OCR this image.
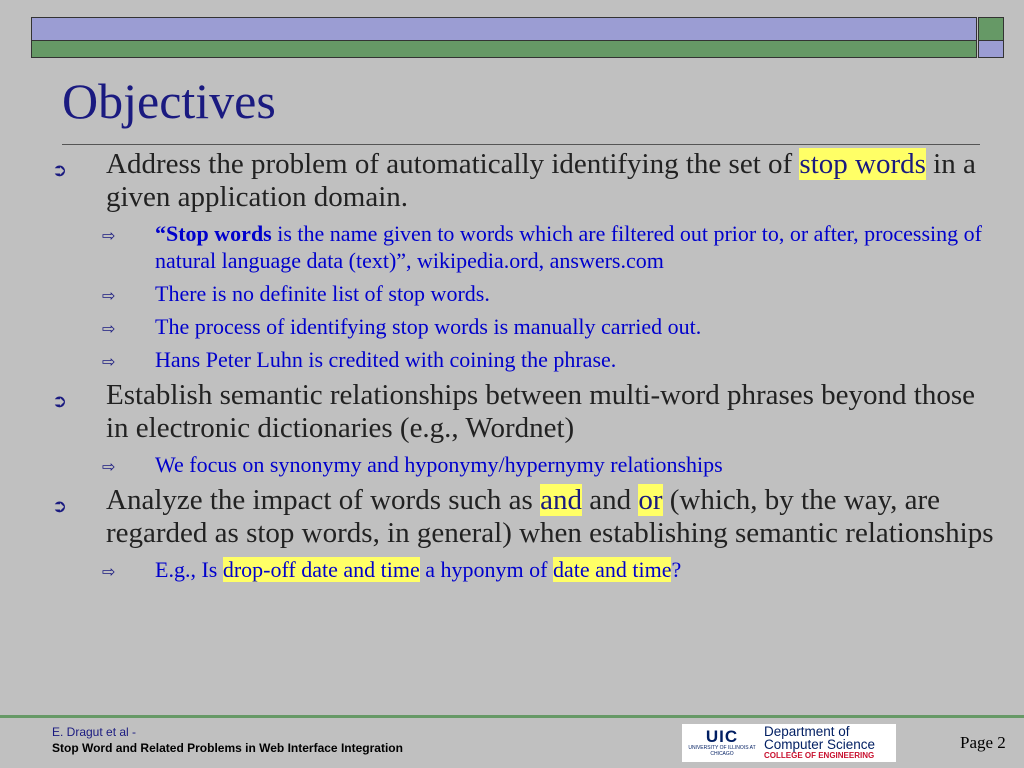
Objectives
➲ Address the problem of automatically identifying the set of stop words in a given application domain.
⇨ “Stop words is the name given to words which are filtered out prior to, or after, processing of natural language data (text)”, wikipedia.ord, answers.com
⇨ There is no definite list of stop words.
⇨ The process of identifying stop words is manually carried out.
⇨ Hans Peter Luhn is credited with coining the phrase.
➲ Establish semantic relationships between multi-word phrases beyond those in electronic dictionaries (e.g., Wordnet)
⇨ We focus on synonymy and hyponymy/hypernymy relationships
➲ Analyze the impact of words such as and and or (which, by the way, are regarded as stop words, in general) when establishing semantic relationships
⇨ E.g., Is drop-off date and time a hyponym of date and time?
E. Dragut et al -
Stop Word and Related Problems in Web Interface Integration
UIC
UNIVERSITY OF ILLINOIS AT CHICAGO
Department of
Computer Science
COLLEGE OF ENGINEERING
Page 2
